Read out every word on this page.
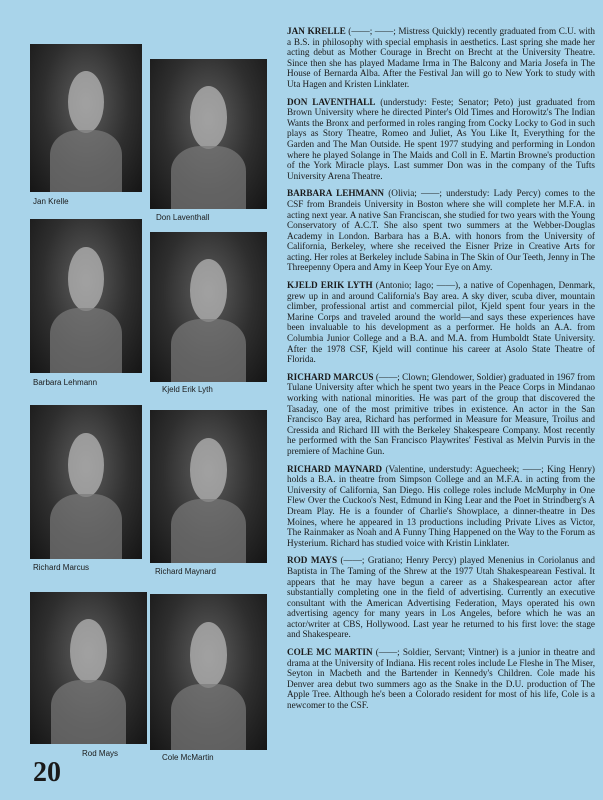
Jan Krelle
Don Laventhall
Barbara Lehmann
Kjeld Erik Lyth
Richard Marcus	Richard Maynard
Rod Mays	Cole McMartin
20

JAN KRELLE (——; ——; Mistress Quickly) recently graduated from C.U. with a B.S. in philosophy with special emphasis in aesthetics. Last spring she made her acting debut as Mother Courage in Brecht on Brecht at the University Theatre. Since then she has played Madame Irma in The Balcony and Maria Josefa in The House of Bernarda Alba. After the Festival Jan will go to New York to study with Uta Hagen and Kristen Linklater.

DON LAVENTHALL (understudy: Feste; Senator; Peto) just graduated from Brown University where he directed Pinter's Old Times and Horowitz's The Indian Wants the Bronx and performed in roles ranging from Cocky Locky to God in such plays as Story Theatre, Romeo and Juliet, As You Like It, Everything for the Garden and The Man Outside. He spent 1977 studying and performing in London where he played Solange in The Maids and Coll in E. Martin Browne's production of the York Miracle plays. Last summer Don was in the company of the Tufts University Arena Theatre.

BARBARA LEHMANN (Olivia; ——; understudy: Lady Percy) comes to the CSF from Brandeis University in Boston where she will complete her M.F.A. in acting next year. A native San Franciscan, she studied for two years with the Young Conservatory of A.C.T. She also spent two summers at the Webber-Douglas Academy in London. Barbara has a B.A. with honors from the University of California, Berkeley, where she received the Eisner Prize in Creative Arts for acting. Her roles at Berkeley include Sabina in The Skin of Our Teeth, Jenny in The Threepenny Opera and Amy in Keep Your Eye on Amy.

KJELD ERIK LYTH (Antonio; Iago; ——), a native of Copenhagen, Denmark, grew up in and around California's Bay area. A sky diver, scuba diver, mountain climber, professional artist and commercial pilot, Kjeld spent four years in the Marine Corps and traveled around the world—and says these experiences have been invaluable to his development as a performer. He holds an A.A. from Columbia Junior College and a B.A. and M.A. from Humboldt State University. After the 1978 CSF, Kjeld will continue his career at Asolo State Theatre of Florida.

RICHARD MARCUS (——; Clown; Glendower, Soldier) graduated in 1967 from Tulane University after which he spent two years in the Peace Corps in Mindanao working with national minorities. He was part of the group that discovered the Tasaday, one of the most primitive tribes in existence. An actor in the San Francisco Bay area, Richard has performed in Measure for Measure, Troilus and Cressida and Richard III with the Berkeley Shakespeare Company. Most recently he performed with the San Francisco Playwrites' Festival as Melvin Purvis in the premiere of Machine Gun.

RICHARD MAYNARD (Valentine, understudy: Aguecheek; ——; King Henry) holds a B.A. in theatre from Simpson College and an M.F.A. in acting from the University of California, San Diego. His college roles include McMurphy in One Flew Over the Cuckoo's Nest, Edmund in King Lear and the Poet in Strindberg's A Dream Play. He is a founder of Charlie's Showplace, a dinner-theatre in Des Moines, where he appeared in 13 productions including Private Lives as Victor, The Rainmaker as Noah and A Funny Thing Happened on the Way to the Forum as Hysterium. Richard has studied voice with Kristin Linklater.

ROD MAYS (——; Gratiano; Henry Percy) played Menenius in Coriolanus and Baptista in The Taming of the Shrew at the 1977 Utah Shakespearean Festival. It appears that he may have begun a career as a Shakespearean actor after substantially completing one in the field of advertising. Currently an executive consultant with the American Advertising Federation, Mays operated his own advertising agency for many years in Los Angeles, before which he was an actor/writer at CBS, Hollywood. Last year he returned to his first love: the stage and Shakespeare.

COLE MC MARTIN (——; Soldier, Servant; Vintner) is a junior in theatre and drama at the University of Indiana. His recent roles include Le Fleshe in The Miser, Seyton in Macbeth and the Bartender in Kennedy's Children. Cole made his Denver area debut two summers ago as the Snake in the D.U. production of The Apple Tree. Although he's been a Colorado resident for most of his life, Cole is a newcomer to the CSF.
